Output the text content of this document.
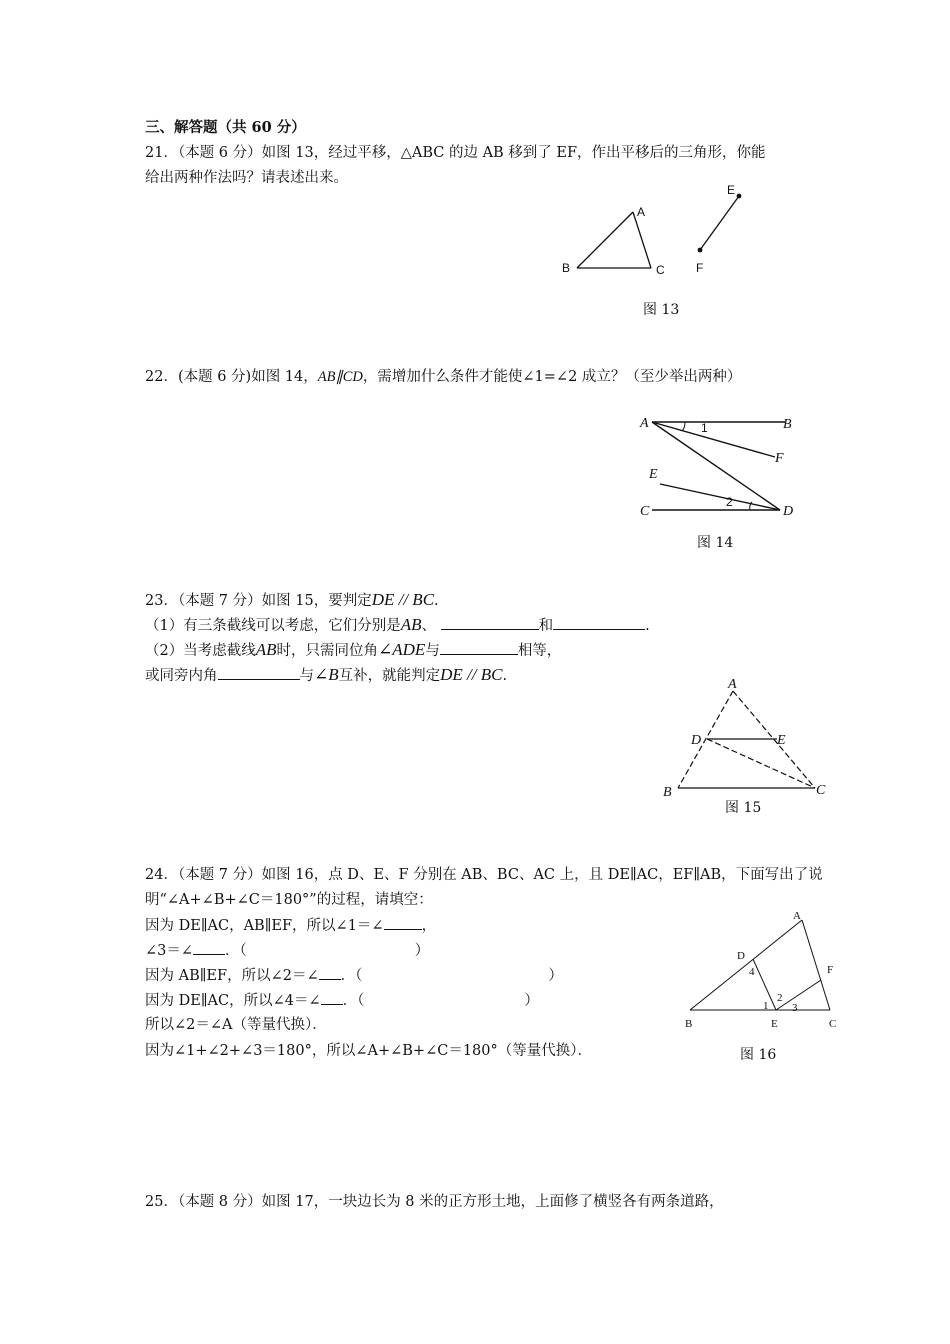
三、解答题（共 60 分）
21．（本题 6 分）如图 13，经过平移，△ABC 的边 AB 移到了 EF，作出平移后的三角形，你能
给出两种作法吗？请表述出来。
A
B	C
E
F
图 13
22．(本题 6 分)如图 14，AB∥CD，需增加什么条件才能使∠1=∠2 成立？（至少举出两种）
A	B
F
E
C	D
1
2
图 14
23．（本题 7 分）如图 15，要判定DE // BC.
（1）有三条截线可以考虑，它们分别是AB、	和	.
（2）当考虑截线AB时，只需同位角∠ADE与	相等，
或同旁内角	与∠B互补，就能判定DE // BC.
A
D	E
B	C
图 15
24．（本题 7 分）如图 16，点 D、E、F 分别在 AB、BC、AC 上，且 DE∥AC，EF∥AB，下面写出了说
明“∠A+∠B+∠C＝180°”的过程，请填空：
因为 DE∥AC，AB∥EF，所以∠1＝∠	，
∠3＝∠ ．（	）
因为 AB∥EF，所以∠2＝∠ ．（	）
因为 DE∥AC，所以∠4＝∠ ．（	）
所以∠2＝∠A（等量代换）．
因为∠1+∠2+∠3＝180°，所以∠A+∠B+∠C＝180°（等量代换）．
A
D
F
B	E	C
4
1
2
3
图 16
25．（本题 8 分）如图 17，一块边长为 8 米的正方形土地，上面修了横竖各有两条道路，
